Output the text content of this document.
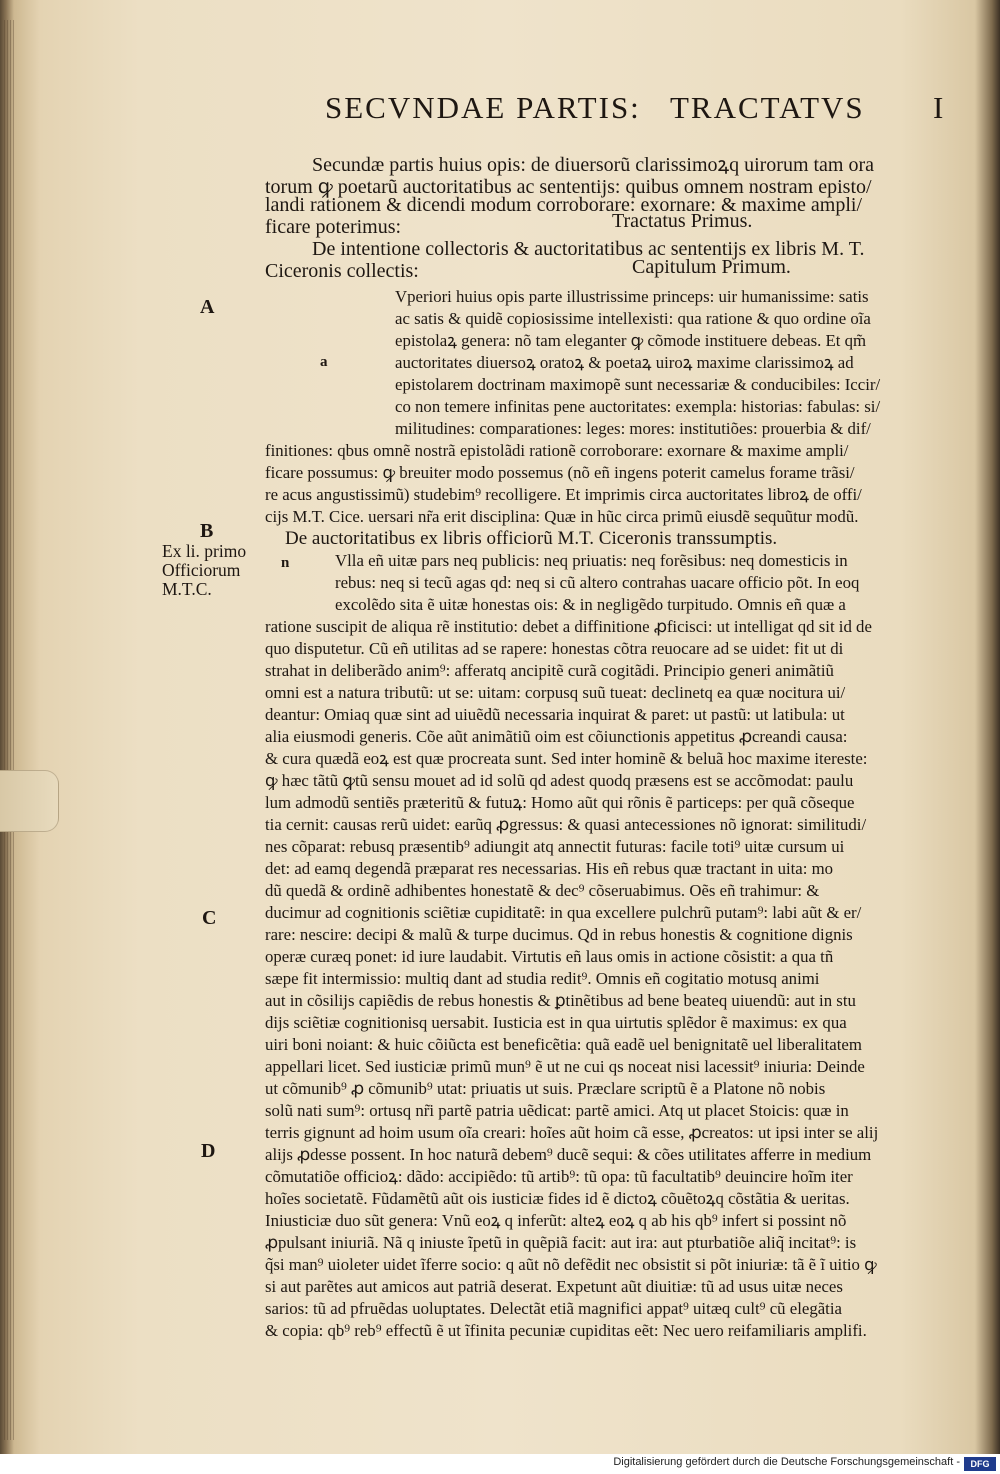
SECVNDAE PARTIS: TRACTATVS I
Secundæ partis huius opis: de diuersorũ clarissimoꝝq uirorum tam ora
torum ꝙ poetarũ auctoritatibus ac sententijs: quibus omnem nostram episto/
landi rationem & dicendi modum corroborare: exornare: & maxime ampli/
ficare poterimus:	Tractatus Primus.
De intentione collectoris & auctoritatibus ac sententijs ex libris M. T.
Ciceronis collectis:	Capitulum Primum.
A
B
C
D
Ex li. primo
Officiorum
M.T.C.
a
n
Vperiori huius opis parte illustrissime princeps: uir humanissime: satis
ac satis & quidẽ copiosissime intellexisti: qua ratione & quo ordine oĩa
epistolaꝝ genera: nõ tam eleganter ꝙ cõmode instituere debeas. Et qm̃
auctoritates diuersoꝝ oratoꝝ & poetaꝝ uiroꝝ maxime clarissimoꝝ ad
epistolarem doctrinam maximopẽ sunt necessariæ & conducibiles: Iccir/
co non temere infinitas pene auctoritates: exempla: historias: fabulas: si/
militudines: comparationes: leges: mores: institutiões: prouerbia & dif/
finitiones: qbus omnẽ nostrã epistolãdi rationẽ corroborare: exornare & maxime ampli/
ficare possumus: ꝙ breuiter modo possemus (nõ eñ ingens poterit camelus forame trãsi/
re acus angustissimũ) studebim⁹ recolligere. Et imprimis circa auctoritates libroꝝ de offi/
cijs M.T. Cice. uersari nr̃a erit disciplina: Quæ in hũc circa primũ eiusdẽ sequũtur modũ.
De auctoritatibus ex libris officiorũ M.T. Ciceronis transsumptis.
Vlla eñ uitæ pars neq publicis: neq priuatis: neq forẽsibus: neq domesticis in
rebus: neq si tecũ agas qd: neq si cũ altero contrahas uacare officio põt. In eoq
excolẽdo sita ẽ uitæ honestas ois: & in negligẽdo turpitudo. Omnis eñ quæ a
ratione suscipit de aliqua rẽ institutio: debet a diffinitione ꝓficisci: ut intelligat qd sit id de
quo disputetur. Cũ eñ utilitas ad se rapere: honestas cõtra reuocare ad se uidet: fit ut di
strahat in deliberãdo anim⁹: afferatq ancipitẽ curã cogitãdi. Principio generi animãtiũ
omni est a natura tributũ: ut se: uitam: corpusq suũ tueat: declinetq ea quæ nocitura ui/
deantur: Omiaq quæ sint ad uiuẽdũ necessaria inquirat & paret: ut pastũ: ut latibula: ut
alia eiusmodi generis. Cõe aũt animãtiũ oim est cõiunctionis appetitus ꝓcreandi causa:
& cura quædã eoꝝ est quæ procreata sunt. Sed inter hominẽ & beluã hoc maxime itereste:
ꝙ hæc tãtũ ꝙtũ sensu mouet ad id solũ qd adest quodq præsens est se accõmodat: paulu
lum admodũ sentiẽs præteritũ & futuꝝ: Homo aũt qui rõnis ẽ particeps: per quã cõseque
tia cernit: causas rerũ uidet: earũq ꝓgressus: & quasi antecessiones nõ ignorat: similitudi/
nes cõparat: rebusq præsentib⁹ adiungit atq annectit futuras: facile toti⁹ uitæ cursum ui
det: ad eamq degendã præparat res necessarias. His eñ rebus quæ tractant in uita: mo
dũ quedã & ordinẽ adhibentes honestatẽ & dec⁹ cõseruabimus. Oẽs eñ trahimur: &
ducimur ad cognitionis sciẽtiæ cupiditatẽ: in qua excellere pulchrũ putam⁹: labi aũt & er/
rare: nescire: decipi & malũ & turpe ducimus. Qd in rebus honestis & cognitione dignis
operæ curæq ponet: id iure laudabit. Virtutis eñ laus omis in actione cõsistit: a qua tñ
sæpe fit intermissio: multiq dant ad studia redit⁹. Omnis eñ cogitatio motusq animi
aut in cõsilijs capiẽdis de rebus honestis & ꝑtinẽtibus ad bene beateq uiuendũ: aut in stu
dijs sciẽtiæ cognitionisq uersabit. Iusticia est in qua uirtutis splẽdor ẽ maximus: ex qua
uiri boni noiant: & huic cõiũcta est beneficẽtia: quã eadẽ uel benignitatẽ uel liberalitatem
appellari licet. Sed iusticiæ primũ mun⁹ ẽ ut ne cui qs noceat nisi lacessit⁹ iniuria: Deinde
ut cõmunib⁹ ꝓ cõmunib⁹ utat: priuatis ut suis. Præclare scriptũ ẽ a Platone nõ nobis
solũ nati sum⁹: ortusq nr̃i partẽ patria uẽdicat: partẽ amici. Atq ut placet Stoicis: quæ in
terris gignunt ad hoim usum oĩa creari: hoĩes aũt hoim cã esse, ꝓcreatos: ut ipsi inter se alij
alijs ꝓdesse possent. In hoc naturã debem⁹ ducẽ sequi: & cões utilitates afferre in medium
cõmutatiõe officioꝝ: dãdo: accipiẽdo: tũ artib⁹: tũ opa: tũ facultatib⁹ deuincire hoĩm iter
hoĩes societatẽ. Fũdamẽtũ aũt ois iusticiæ fides id ẽ dictoꝝ cõuẽtoꝝq cõstãtia & ueritas.
Iniusticiæ duo sũt genera: Vnũ eoꝝ q inferũt: alteꝝ eoꝝ q ab his qb⁹ infert si possint nõ
ꝓpulsant iniuriã. Nã q iniuste ĩpetũ in quẽpiã facit: aut ira: aut pturbatiõe aliq̃ incitat⁹: is
q̃si man⁹ uioleter uidet ĩferre socio: q aũt nõ defẽdit nec obsistit si põt iniuriæ: tã ẽ ĩ uitio ꝙ
si aut parẽtes aut amicos aut patriã deserat. Expetunt aũt diuitiæ: tũ ad usus uitæ neces
sarios: tũ ad pfruẽdas uoluptates. Delectãt etiã magnifici appat⁹ uitæq cult⁹ cũ elegãtia
& copia: qb⁹ reb⁹ effectũ ẽ ut ĩfinita pecuniæ cupiditas eẽt: Nec uero reifamiliaris amplifi.
Digitalisierung gefördert durch die Deutsche Forschungsgemeinschaft -	DFG
